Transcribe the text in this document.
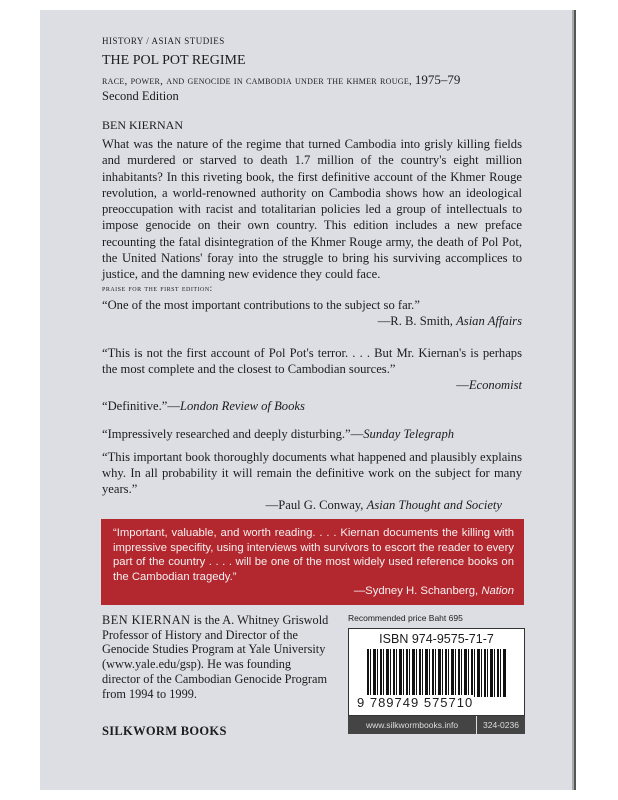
HISTORY / ASIAN STUDIES
THE POL POT REGIME
race, power, and genocide in cambodia under the khmer rouge, 1975–79
Second Edition
BEN KIERNAN
What was the nature of the regime that turned Cambodia into grisly killing fields and murdered or starved to death 1.7 million of the country's eight million inhabitants? In this riveting book, the first definitive account of the Khmer Rouge revolution, a world-renowned authority on Cambodia shows how an ideological preoccupation with racist and totalitarian policies led a group of intellectuals to impose genocide on their own country. This edition includes a new preface recounting the fatal disintegration of the Khmer Rouge army, the death of Pol Pot, the United Nations' foray into the struggle to bring his surviving accomplices to justice, and the damning new evidence they could face.
praise for the first edition:
“One of the most important contributions to the subject so far.”
—R. B. Smith, Asian Affairs
“This is not the first account of Pol Pot's terror. . . . But Mr. Kiernan's is perhaps the most complete and the closest to Cambodian sources.”
—Economist
“Definitive.”—London Review of Books
“Impressively researched and deeply disturbing.”—Sunday Telegraph
“This important book thoroughly documents what happened and plausibly explains why. In all probability it will remain the definitive work on the subject for many years.”
—Paul G. Conway, Asian Thought and Society
“Important, valuable, and worth reading. . . . Kiernan documents the killing with impressive specifity, using interviews with survivors to escort the reader to every part of the country . . . . will be one of the most widely used reference books on the Cambodian tragedy.”
—Sydney H. Schanberg, Nation
BEN KIERNAN is the A. Whitney Griswold Professor of History and Director of the Genocide Studies Program at Yale University (www.yale.edu/gsp). He was founding director of the Cambodian Genocide Program from 1994 to 1999.
SILKWORM BOOKS
Recommended price Baht 695
ISBN 974-9575-71-7
9 789749 575710
www.silkwormbooks.info	324-0236
